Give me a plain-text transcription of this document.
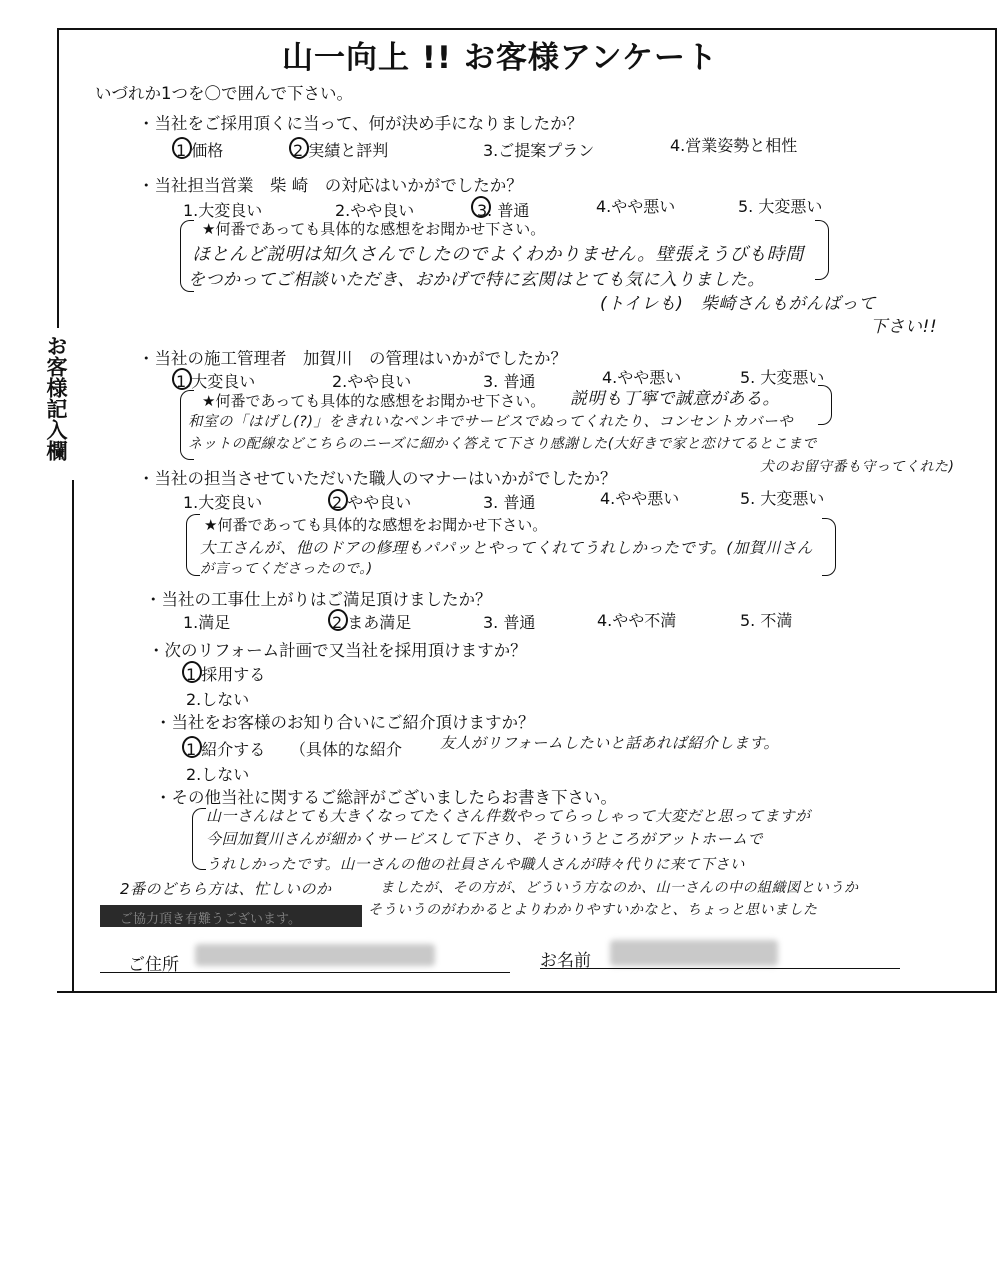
お客様記入欄
山一向上 !! お客様アンケート
いづれか1つを〇で囲んで下さい。
・当社をご採用頂くに当って、何が決め手になりましたか？
1.価格	2.実績と評判	3.ご提案プラン	4.営業姿勢と相性
・当社担当営業　柴 崎　の対応はいかがでしたか？
1.大変良い	2.やや良い	3. 普通	4.やや悪い	5. 大変悪い
★何番であっても具体的な感想をお聞かせ下さい。
ほとんど説明は知久さんでしたのでよくわかりません。壁張えうびも時間
をつかってご相談いただき、おかげで特に玄関はとても気に入りました。
(トイレも)　柴崎さんもがんばって
下さい!!
・当社の施工管理者　加賀川　の管理はいかがでしたか？
1.大変良い	2.やや良い	3. 普通	4.やや悪い	5. 大変悪い
★何番であっても具体的な感想をお聞かせ下さい。 説明も丁寧で誠意がある。
和室の「はげし(?)」をきれいなペンキでサービスでぬってくれたり、コンセントカバーや
ネットの配線などこちらのニーズに細かく答えて下さり感謝した(大好きで家と恋けてるとこまで
犬のお留守番も守ってくれた)
・当社の担当させていただいた職人のマナーはいかがでしたか？
1.大変良い	2.やや良い	3. 普通	4.やや悪い	5. 大変悪い
★何番であっても具体的な感想をお聞かせ下さい。
大工さんが、他のドアの修理もパパッとやってくれてうれしかったです。(加賀川さん
が言ってくださったので。)
・当社の工事仕上がりはご満足頂けましたか？
1.満足	2.まあ満足	3. 普通	4.やや不満	5. 不満
・次のリフォーム計画で又当社を採用頂けますか？
1.採用する
2.しない
・当社をお客様のお知り合いにご紹介頂けますか？
1.紹介する （具体的な紹介	友人がリフォームしたいと話あれば紹介します。
2.しない
・その他当社に関するご総評がございましたらお書き下さい。
山一さんはとても大きくなってたくさん件数やってらっしゃって大変だと思ってますが
今回加賀川さんが細かくサービスして下さり、そういうところがアットホームで
うれしかったです。山一さんの他の社員さんや職人さんが時々代りに来て下さい
ましたが、その方が、どういう方なのか、山一さんの中の組織図というか
そういうのがわかるとよりわかりやすいかなと、ちょっと思いました
2番のどちら方は、忙しいのか
ご協力頂き有難うございます。
ご住所	お名前
